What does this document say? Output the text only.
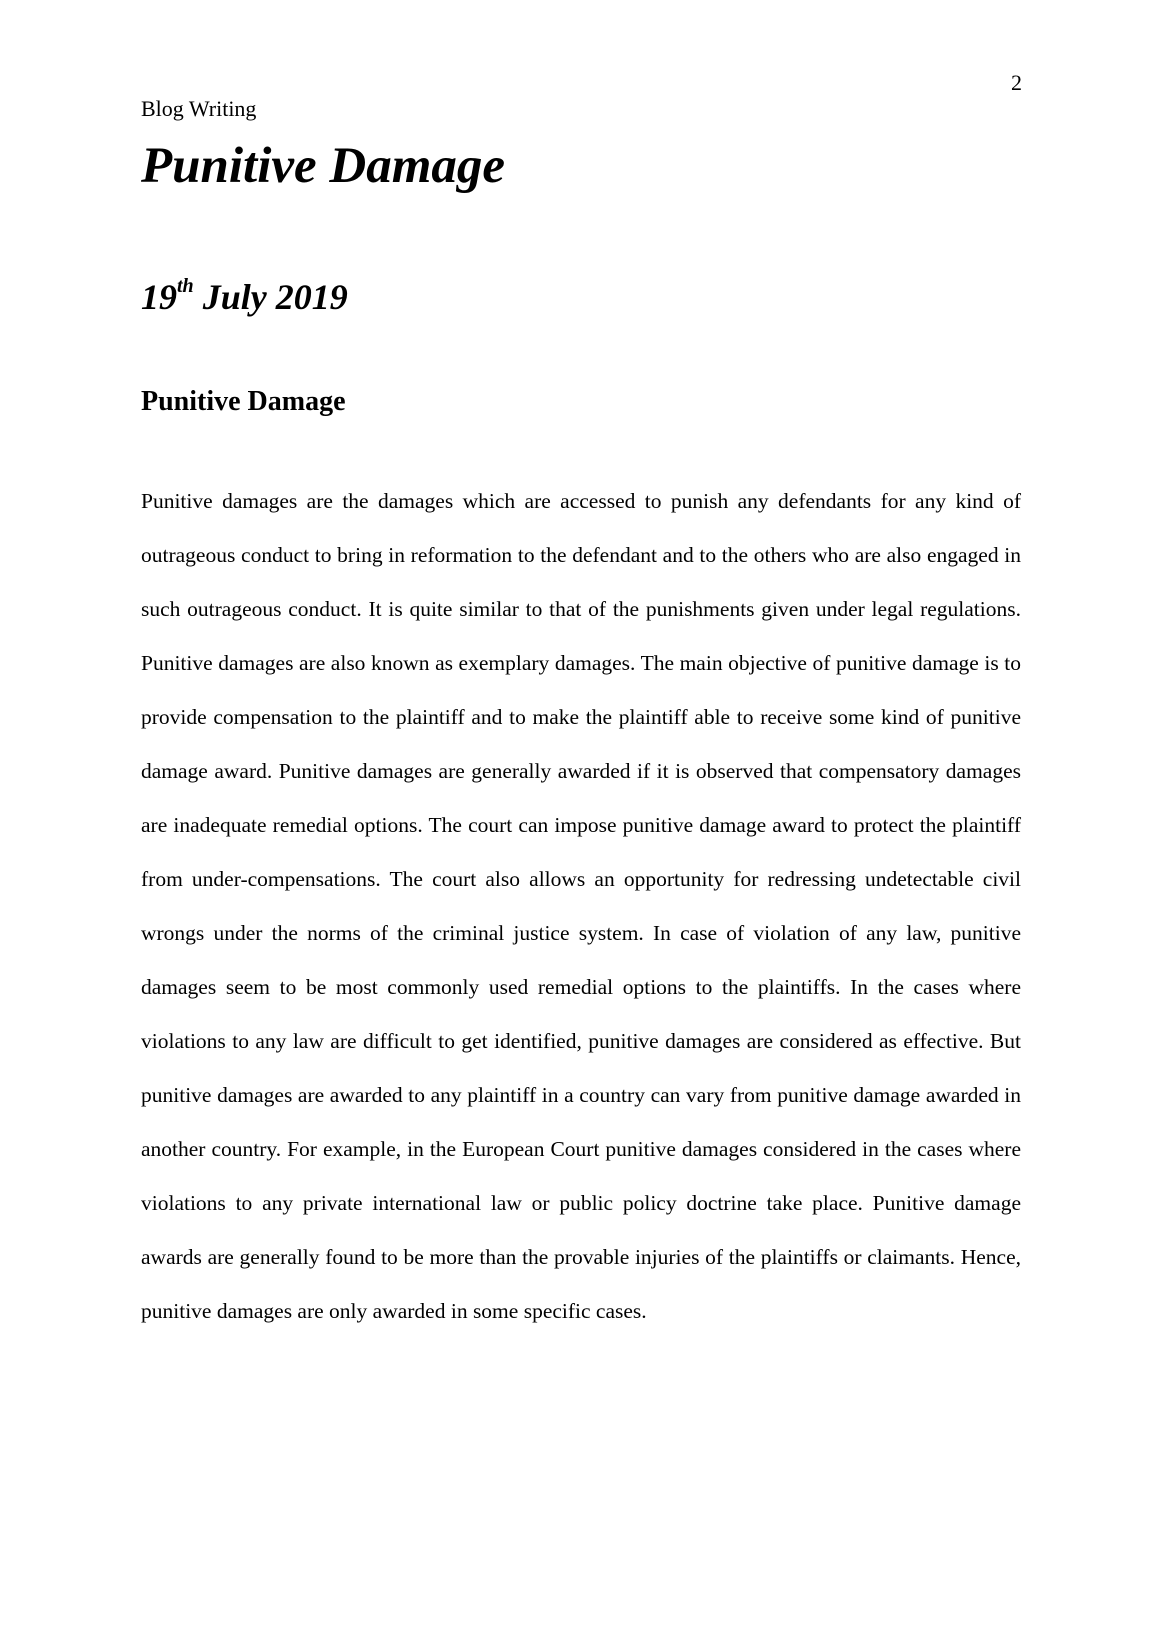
2
Blog Writing
Punitive Damage
19th July 2019
Punitive Damage

Punitive damages are the damages which are accessed to punish any defendants for any kind of outrageous conduct to bring in reformation to the defendant and to the others who are also engaged in such outrageous conduct. It is quite similar to that of the punishments given under legal regulations. Punitive damages are also known as exemplary damages. The main objective of punitive damage is to provide compensation to the plaintiff and to make the plaintiff able to receive some kind of punitive damage award. Punitive damages are generally awarded if it is observed that compensatory damages are inadequate remedial options. The court can impose punitive damage award to protect the plaintiff from under-compensations. The court also allows an opportunity for redressing undetectable civil wrongs under the norms of the criminal justice system. In case of violation of any law, punitive damages seem to be most commonly used remedial options to the plaintiffs. In the cases where violations to any law are difficult to get identified, punitive damages are considered as effective. But punitive damages are awarded to any plaintiff in a country can vary from punitive damage awarded in another country. For example, in the European Court punitive damages considered in the cases where violations to any private international law or public policy doctrine take place. Punitive damage awards are generally found to be more than the provable injuries of the plaintiffs or claimants. Hence, punitive damages are only awarded in some specific cases.
